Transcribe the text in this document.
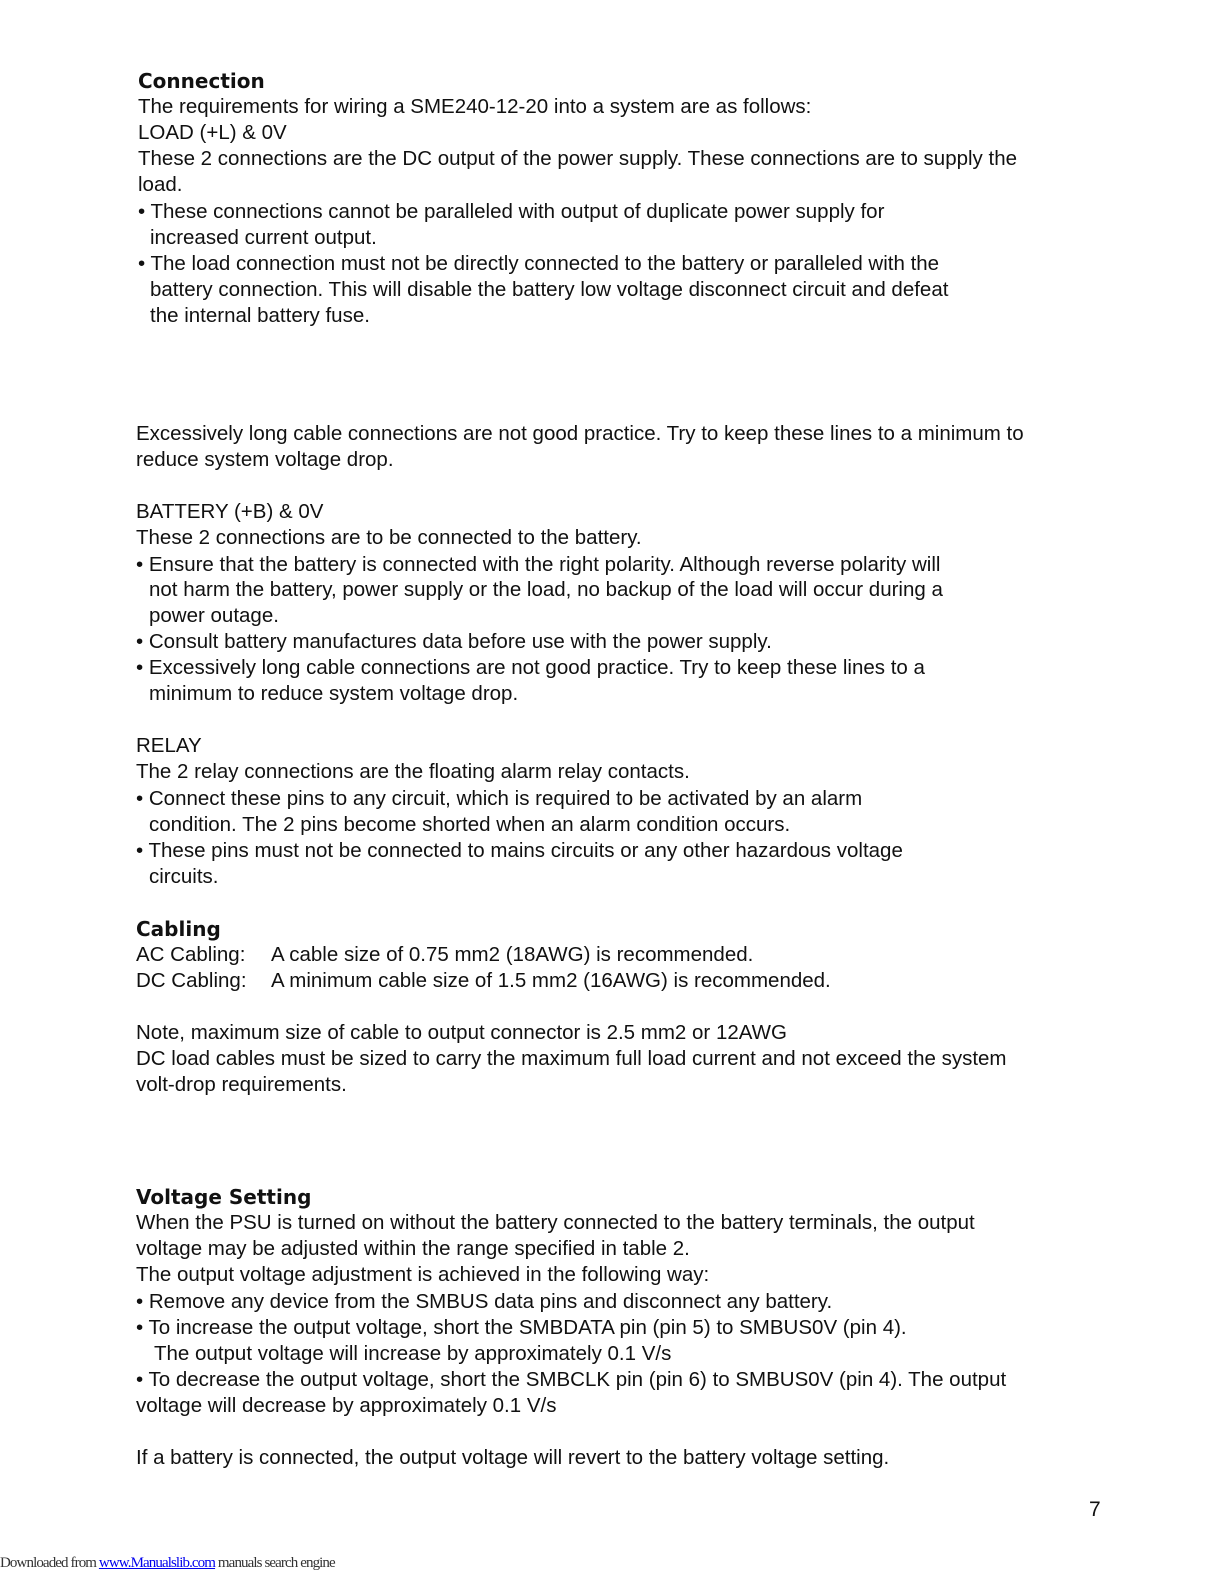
Connection
The requirements for wiring a SME240-12-20 into a system are as follows:
LOAD (+L) & 0V
These 2 connections are the DC output of the power supply. These connections are to supply the
load.
• These connections cannot be paralleled with output of duplicate power supply for
increased current output.
• The load connection must not be directly connected to the battery or paralleled with the
battery connection. This will disable the battery low voltage disconnect circuit and defeat
the internal battery fuse.
Excessively long cable connections are not good practice. Try to keep these lines to a minimum to
reduce system voltage drop.
BATTERY (+B) & 0V
These 2 connections are to be connected to the battery.
• Ensure that the battery is connected with the right polarity. Although reverse polarity will
not harm the battery, power supply or the load, no backup of the load will occur during a
power outage.
• Consult battery manufactures data before use with the power supply.
• Excessively long cable connections are not good practice. Try to keep these lines to a
minimum to reduce system voltage drop.
RELAY
The 2 relay connections are the floating alarm relay contacts.
• Connect these pins to any circuit, which is required to be activated by an alarm
condition. The 2 pins become shorted when an alarm condition occurs.
• These pins must not be connected to mains circuits or any other hazardous voltage
circuits.
Cabling
AC Cabling: A cable size of 0.75 mm2 (18AWG) is recommended.
DC Cabling: A minimum cable size of 1.5 mm2 (16AWG) is recommended.
Note, maximum size of cable to output connector is 2.5 mm2 or 12AWG
DC load cables must be sized to carry the maximum full load current and not exceed the system
volt-drop requirements.
Voltage Setting
When the PSU is turned on without the battery connected to the battery terminals, the output
voltage may be adjusted within the range specified in table 2.
The output voltage adjustment is achieved in the following way:
• Remove any device from the SMBUS data pins and disconnect any battery.
• To increase the output voltage, short the SMBDATA pin (pin 5) to SMBUS0V (pin 4).
The output voltage will increase by approximately 0.1 V/s
• To decrease the output voltage, short the SMBCLK pin (pin 6) to SMBUS0V (pin 4). The output
voltage will decrease by approximately 0.1 V/s
If a battery is connected, the output voltage will revert to the battery voltage setting.
7
Downloaded from www.Manualslib.com manuals search engine
